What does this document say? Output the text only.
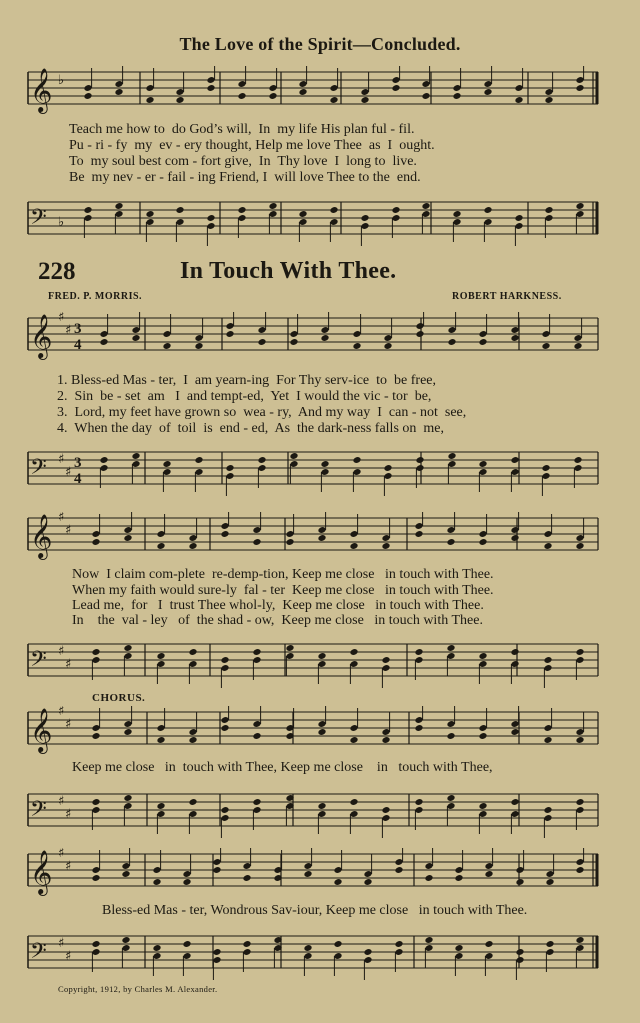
The Love of the Spirit—Concluded.
𝄞 ♭
Teach me how to  do God’s will,  In  my life His plan ful - fil.
Pu - ri - fy  my  ev - ery thought, Help me love Thee  as  I  ought.
To  my soul best com - fort give,  In  Thy love  I  long to  live.
Be  my nev - er - fail - ing Friend, I  will love Thee to the  end.
𝄢 ♭
228	In Touch With Thee.
FRED. P. MORRIS.	ROBERT HARKNESS.
𝄞 ♯
♯ 3
4
1. Bless-ed Mas - ter,  I  am yearn-ing  For Thy serv-ice  to  be free,
2.  Sin  be - set  am   I  and tempt-ed,  Yet  I would the vic - tor  be,
3.  Lord, my feet have grown so  wea - ry,  And my way  I  can - not  see,
4.  When the day  of  toil  is  end - ed,  As  the dark-ness falls on  me,
𝄢 ♯
♯
3
4
𝄞 ♯
♯
Now  I claim com-plete  re-demp-tion, Keep me close   in touch with Thee.
When my faith would sure-ly  fal - ter  Keep me close   in touch with Thee.
Lead me,  for   I  trust Thee whol-ly,  Keep me close   in touch with Thee.
In    the  val - ley   of  the shad - ow,  Keep me close   in touch with Thee.
𝄢 ♯
♯
CHORUS.
𝄞 ♯
♯
Keep me close   in  touch with Thee, Keep me close    in   touch with Thee,
𝄢 ♯
♯
𝄞 ♯
♯
Bless-ed Mas - ter, Wondrous Sav-iour, Keep me close   in touch with Thee.
𝄢 ♯
♯
Copyright, 1912, by Charles M. Alexander.
